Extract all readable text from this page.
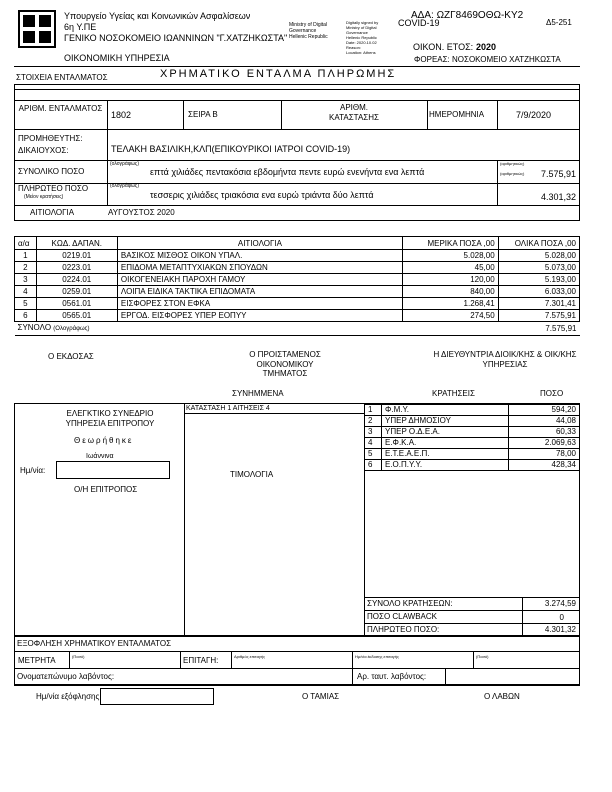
Υπουργείο Υγείας και Κοινωνικών Ασφαλίσεων
6η Υ.ΠΕ
ΓΕΝΙΚΟ ΝΟΣΟΚΟΜΕΙΟ ΙΩΑΝΝΙΝΩΝ "Γ.ΧΑΤΖΗΚΩΣΤΑ"
ΟΙΚΟΝΟΜΙΚΗ ΥΠΗΡΕΣΙΑ
Ministry of Digital
Governance
Hellenic Republic
Digitally signed by
Ministry of Digital
Governance
Hellenic Republic
Date: 2020.10.02
Reason:
Location: Athens
ΑΔΑ: ΩΖΓ8469ΟΘΩ-ΚΥ2
COVID-19	Δ5-251
ΟΙΚΟΝ. ΕΤΟΣ: 2020
ΦΟΡΕΑΣ: ΝΟΣΟΚΟΜΕΙΟ ΧΑΤΖΗΚΩΣΤΑ
ΣΤΟΙΧΕΙΑ ΕΝΤΑΛΜΑΤΟΣ	ΧΡΗΜΑΤΙΚΟ ΕΝΤΑΛΜΑ ΠΛΗΡΩΜΗΣ
ΑΡΙΘΜ. ΕΝΤΑΛΜΑΤΟΣ
1802	ΣΕΙΡΑ Β
ΑΡΙΘΜ. ΚΑΤΑΣΤΑΣΗΣ	ΗΜΕΡΟΜΗΝΙΑ	7/9/2020
ΠΡΟΜΗΘΕΥΤΗΣ: ΔΙΚΑΙΟΥΧΟΣ:	ΤΕΛΑΚΗ ΒΑΣΙΛΙΚΗ,ΚΛΠ(ΕΠΙΚΟΥΡΙΚΟΙ ΙΑΤΡΟΙ COVID-19)
ΣΥΝΟΛΙΚΟ ΠΟΣΟ
(ολογράφως)
επτά χιλιάδες πεντακόσια εβδομήντα πεντε ευρώ ενενήντα ενα λεπτά
(αριθμητικώς)
(αριθμητικώς)	7.575,91
ΠΛΗΡΩΤΕΟ ΠΟΣΟ
(Μείον κρατήσεις)
(ολογράφως)
τεσσερις χιλιάδες τριακόσια ενα ευρώ τριάντα δύο λεπτά	4.301,32
ΑΙΤΙΟΛΟΓΙΑ	ΑΥΓΟΥΣΤΟΣ 2020
α/α	ΚΩΔ. ΔΑΠΑΝ.	ΑΙΤΙΟΛΟΓΙΑ	ΜΕΡΙΚΑ ΠΟΣΑ ,00	ΟΛΙΚΑ ΠΟΣΑ ,00
1	0219.01	ΒΑΣΙΚΟΣ ΜΙΣΘΟΣ ΟΙΚΟΝ ΥΠΑΛ.	5.028,00	5.028,00
2	0223.01	ΕΠΙΔΟΜΑ ΜΕΤΑΠΤΥΧΙΑΚΩΝ ΣΠΟΥΔΩΝ	45,00	5.073,00
3	0224.01	ΟΙΚΟΓΕΝΕΙΑΚΗ ΠΑΡΟΧΗ ΓΑΜΟΥ	120,00	5.193,00
4	0259.01	ΛΟΙΠΑ ΕΙΔΙΚΑ ΤΑΚΤΙΚΑ ΕΠΙΔΟΜΑΤΑ	840,00	6.033,00
5	0561.01	ΕΙΣΦΟΡΕΣ ΣΤΟΝ ΕΦΚΑ	1.268,41	7.301,41
6	0565.01	ΕΡΓΟΔ. ΕΙΣΦΟΡΕΣ ΥΠΕΡ ΕΟΠΥΥ	274,50	7.575,91
ΣΥΝΟΛΟ (Ολογράφως)				7.575,91
Ο ΕΚΔΟΣΑΣ	Ο ΠΡΟΙΣΤΑΜΕΝΟΣ ΟΙΚΟΝΟΜΙΚΟΥ ΤΜΗΜΑΤΟΣ
Η ΔΙΕΥΘΥΝΤΡΙΑ ΔΙΟΙΚ/ΚΗΣ & ΟΙΚ/ΚΗΣ ΥΠΗΡΕΣΙΑΣ
ΣΥΝΗΜΜΕΝΑ	ΚΡΑΤΗΣΕΙΣ	ΠΟΣΟ
ΕΛΕΓΚΤΙΚΟ ΣΥΝΕΔΡΙΟ ΥΠΗΡΕΣΙΑ ΕΠΙΤΡΟΠΟΥ
Θεωρήθηκε
Ιωάννινα
Ημ/νία:
Ο/Η ΕΠΙΤΡΟΠΟΣ
ΚΑΤΑΣΤΑΣΗ 1 ΑΙΤΗΣΕΙΣ 4
ΤΙΜΟΛΟΓΙΑ
1	Φ.Μ.Υ.	594,20
2	ΥΠΕΡ ΔΗΜΟΣΙΟΥ	44,08
3	ΥΠΕΡ Ο.Δ.Ε.Α.	60,33
4	Ε.Φ.Κ.Α.	2.069,63
5	Ε.Τ.Ε.Α.Ε.Π.	78,00
6	Ε.Ο.Π.Υ.Υ.	428,34
ΣΥΝΟΛΟ ΚΡΑΤΗΣΕΩΝ:	3.274,59
ΠΟΣΟ CLAWBACK	0
ΠΛΗΡΩΤΕΟ ΠΟΣΟ:	4.301,32
ΕΞΟΦΛΗΣΗ ΧΡΗΜΑΤΙΚΟΥ ΕΝΤΑΛΜΑΤΟΣ
ΜΕΤΡΗΤΑ	(Ποσό)	ΕΠΙΤΑΓΗ:	Αριθμός επιταγής	Ημ/νία έκδοσης επιταγής	(Ποσό)
Ονοματεπώνυμο λαβόντος:	Αρ. ταυτ. λαβόντος:
Ημ/νία εξόφλησης:	Ο ΤΑΜΙΑΣ	Ο ΛΑΒΩΝ
